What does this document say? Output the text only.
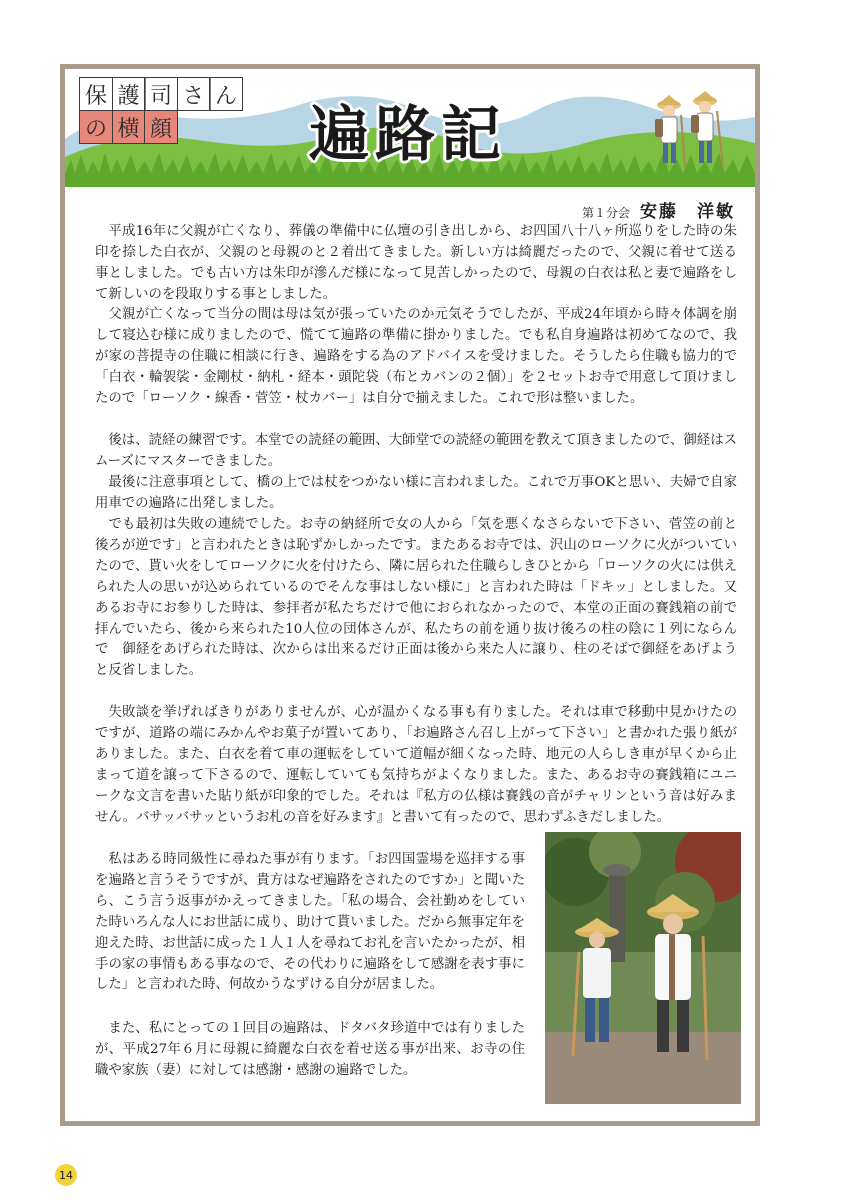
保 護 司 さ ん
の 横 顔 遍路記
第１分会 安藤　洋敏

平成16年に父親が亡くなり、葬儀の準備中に仏壇の引き出しから、お四国八十八ヶ所巡りをした時の朱印を捺した白衣が、父親のと母親のと２着出てきました。新しい方は綺麗だったので、父親に着せて送る事としました。でも古い方は朱印が滲んだ様になって見苦しかったので、母親の白衣は私と妻で遍路をして新しいのを段取りする事としました。

父親が亡くなって当分の間は母は気が張っていたのか元気そうでしたが、平成24年頃から時々体調を崩して寝込む様に成りましたので、慌てて遍路の準備に掛かりました。でも私自身遍路は初めてなので、我が家の菩提寺の住職に相談に行き、遍路をする為のアドバイスを受けました。そうしたら住職も協力的で「白衣・輪袈裟・金剛杖・納札・経本・頭陀袋（布とカバンの２個）」を２セットお寺で用意して頂けましたので「ローソク・線香・菅笠・杖カバー」は自分で揃えました。これで形は整いました。

後は、読経の練習です。本堂での読経の範囲、大師堂での読経の範囲を教えて頂きましたので、御経はスムーズにマスターできました。

最後に注意事項として、橋の上では杖をつかない様に言われました。これで万事OKと思い、夫婦で自家用車での遍路に出発しました。

でも最初は失敗の連続でした。お寺の納経所で女の人から「気を悪くなさらないで下さい、菅笠の前と後ろが逆です」と言われたときは恥ずかしかったです。またあるお寺では、沢山のローソクに火がついていたので、貰い火をしてローソクに火を付けたら、隣に居られた住職らしきひとから「ローソクの火には供えられた人の思いが込められているのでそんな事はしない様に」と言われた時は「ドキッ」としました。又あるお寺にお参りした時は、参拝者が私たちだけで他におられなかったので、本堂の正面の賽銭箱の前で拝んでいたら、後から来られた10人位の団体さんが、私たちの前を通り抜け後ろの柱の陰に１列にならんで　御経をあげられた時は、次からは出来るだけ正面は後から来た人に譲り、柱のそばで御経をあげようと反省しました。

失敗談を挙げればきりがありませんが、心が温かくなる事も有りました。それは車で移動中見かけたのですが、道路の端にみかんやお菓子が置いてあり、「お遍路さん召し上がって下さい」と書かれた張り紙がありました。また、白衣を着て車の運転をしていて道幅が細くなった時、地元の人らしき車が早くから止まって道を譲って下さるので、運転していても気持ちがよくなりました。また、あるお寺の賽銭箱にユニークな文言を書いた貼り紙が印象的でした。それは『私方の仏様は賽銭の音がチャリンという音は好みません。バサッバサッというお札の音を好みます』と書いて有ったので、思わずふきだしました。

私はある時同級性に尋ねた事が有ります。「お四国霊場を巡拝する事を遍路と言うそうですが、貴方はなぜ遍路をされたのですか」と聞いたら、こう言う返事がかえってきました。「私の場合、会社勤めをしていた時いろんな人にお世話に成り、助けて貰いました。だから無事定年を迎えた時、お世話に成った１人１人を尋ねてお礼を言いたかったが、相手の家の事情もある事なので、その代わりに遍路をして感謝を表す事にした」と言われた時、何故かうなずける自分が居ました。

また、私にとっての１回目の遍路は、ドタバタ珍道中では有りましたが、平成27年６月に母親に綺麗な白衣を着せ送る事が出来、お寺の住職や家族（妻）に対しては感謝・感謝の遍路でした。

14
